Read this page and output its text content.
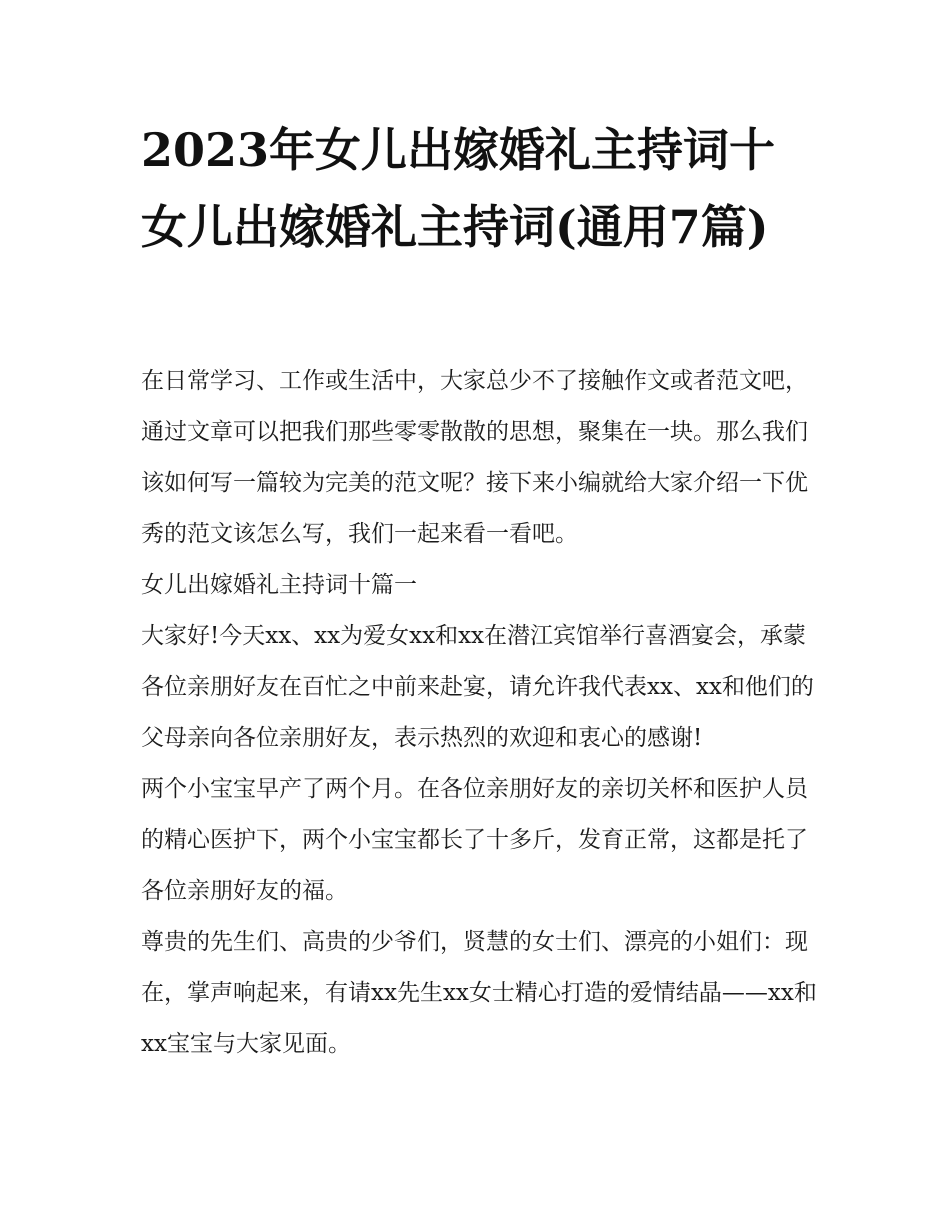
2023年女儿出嫁婚礼主持词十女儿出嫁婚礼主持词(通用7篇)

在日常学习、工作或生活中，大家总少不了接触作文或者范文吧，通过文章可以把我们那些零零散散的思想，聚集在一块。那么我们该如何写一篇较为完美的范文呢？接下来小编就给大家介绍一下优秀的范文该怎么写，我们一起来看一看吧。

女儿出嫁婚礼主持词十篇一

大家好!今天xx、xx为爱女xx和xx在潜江宾馆举行喜酒宴会，承蒙各位亲朋好友在百忙之中前来赴宴，请允许我代表xx、xx和他们的父母亲向各位亲朋好友，表示热烈的欢迎和衷心的感谢!

两个小宝宝早产了两个月。在各位亲朋好友的亲切关杯和医护人员的精心医护下，两个小宝宝都长了十多斤，发育正常，这都是托了各位亲朋好友的福。

尊贵的先生们、高贵的少爷们，贤慧的女士们、漂亮的小姐们：现在，掌声响起来，有请xx先生xx女士精心打造的爱情结晶——xx和xx宝宝与大家见面。
